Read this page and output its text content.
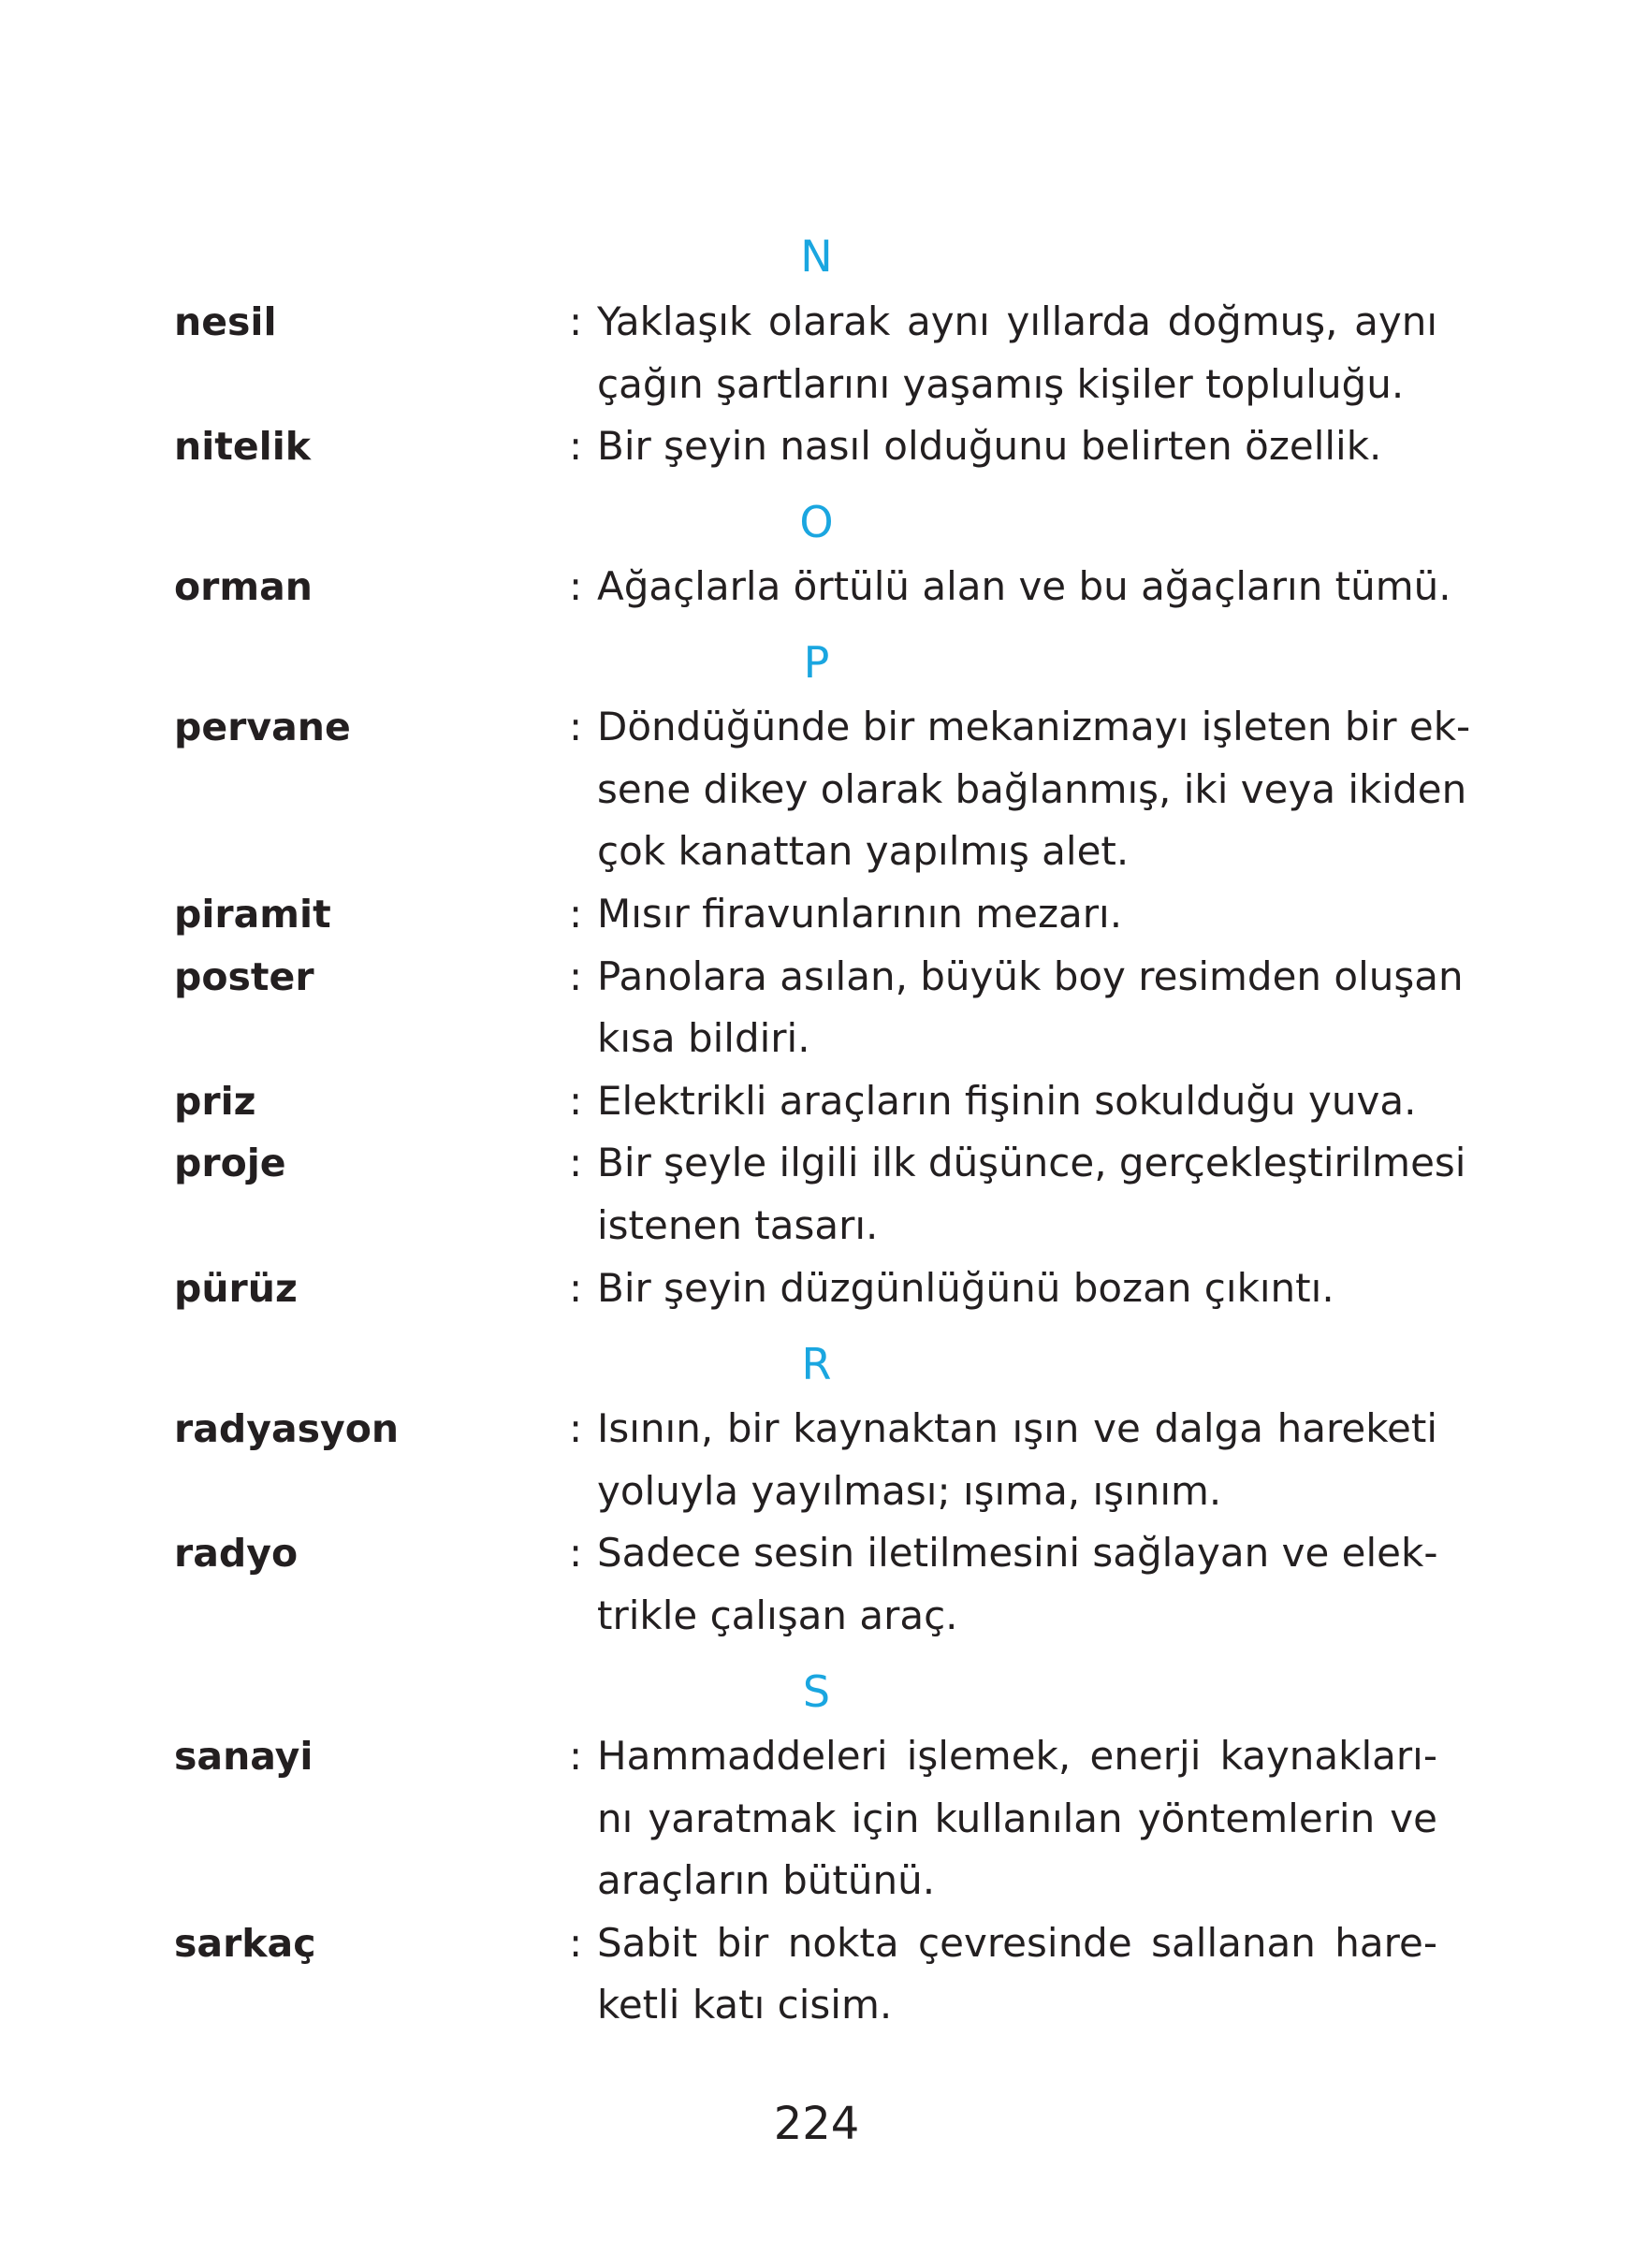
N
nesil	: Yaklaşık olarak aynı yıllarda doğmuş, aynı
çağın şartlarını yaşamış kişiler topluluğu.
nitelik	: Bir şeyin nasıl olduğunu belirten özellik.
O
orman	: Ağaçlarla örtülü alan ve bu ağaçların tümü.
P
pervane	: Döndüğünde bir mekanizmayı işleten bir ek-
sene dikey olarak bağlanmış, iki veya ikiden
çok kanattan yapılmış alet.
piramit	: Mısır firavunlarının mezarı.
poster	: Panolara asılan, büyük boy resimden oluşan
kısa bildiri.
priz	: Elektrikli araçların fişinin sokulduğu yuva.
proje	: Bir şeyle ilgili ilk düşünce, gerçekleştirilmesi
istenen tasarı.
pürüz	: Bir şeyin düzgünlüğünü bozan çıkıntı.
R
radyasyon	: Isının, bir kaynaktan ışın ve dalga hareketi
yoluyla yayılması; ışıma, ışınım.
radyo	: Sadece sesin iletilmesini sağlayan ve elek-
trikle çalışan araç.
S
sanayi	: Hammaddeleri işlemek, enerji kaynakları-
nı yaratmak için kullanılan yöntemlerin ve
araçların bütünü.
sarkaç	: Sabit bir nokta çevresinde sallanan hare-
ketli katı cisim.
224
